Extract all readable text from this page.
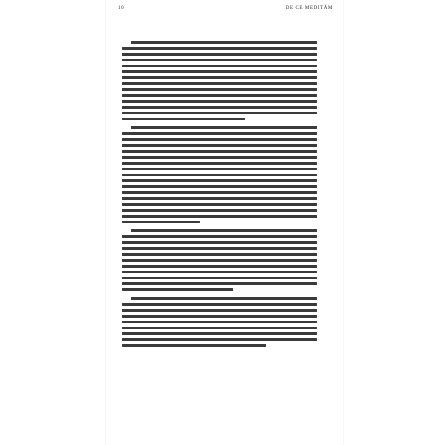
10	DE CE MEDITĂM
